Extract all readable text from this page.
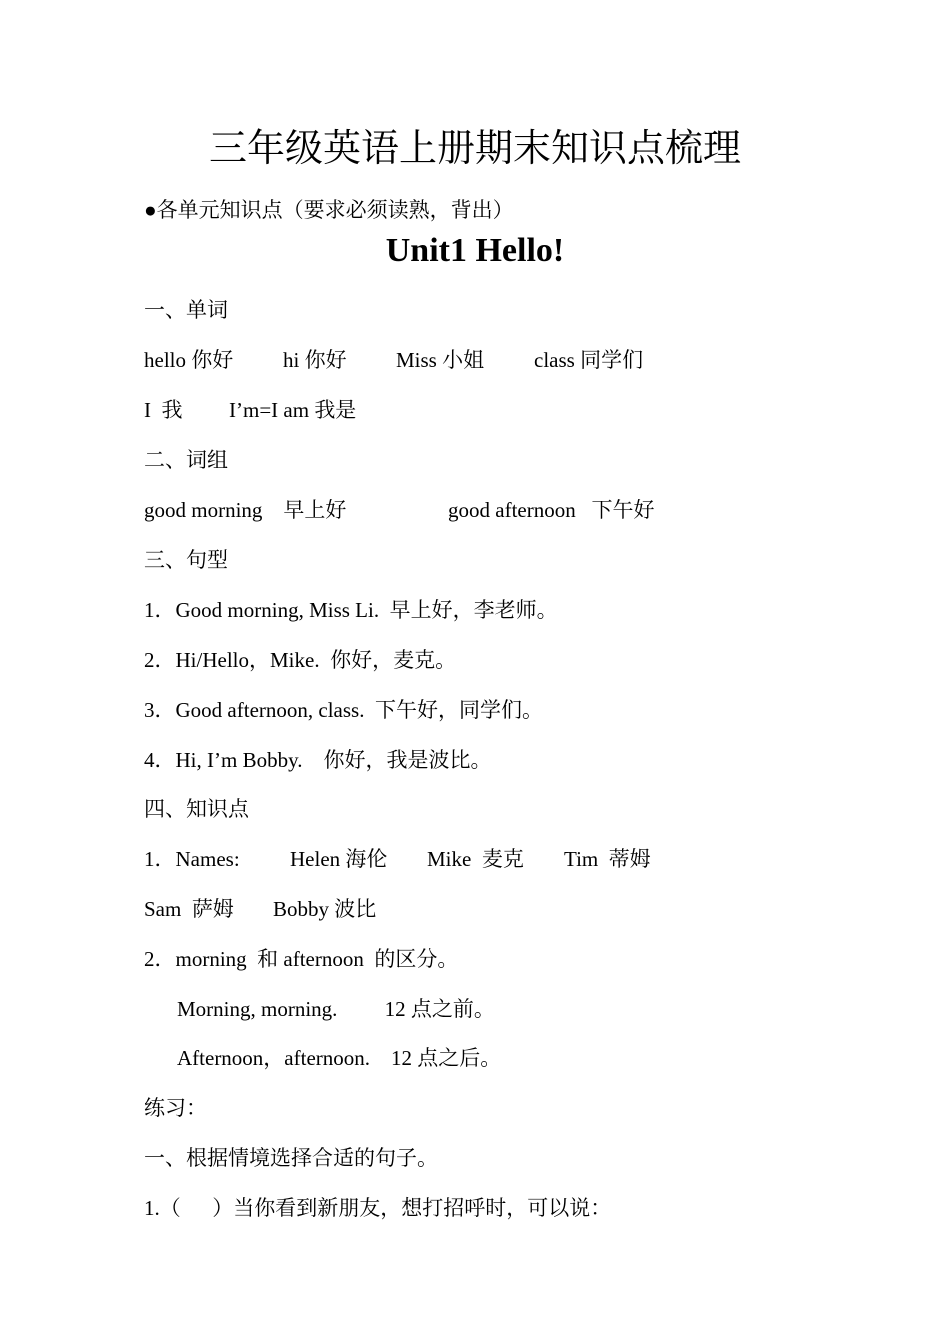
三年级英语上册期末知识点梳理
●各单元知识点（要求必须读熟，背出）
Unit1 Hello!
一、单词

hello 你好

hi 你好

Miss 小姐

class 同学们

I  我

I’m=I am 我是

二、词组

good morning    早上好

	good afternoon   下午好

三、句型
1．Good morning, Miss Li.  早上好，李老师。
2．Hi/Hello，Mike.  你好，麦克。
3．Good afternoon, class.  下午好，同学们。
4．Hi, I’m Bobby.    你好，我是波比。
四、知识点

1．Names:

Helen 海伦

Mike  麦克

Tim  蒂姆

Sam  萨姆

Bobby 波比

2．morning  和 afternoon  的区分。
Morning, morning.         12 点之前。
Afternoon，afternoon.    12 点之后。
练习：
一、根据情境选择合适的句子。
1.（      ）当你看到新朋友，想打招呼时，可以说：
